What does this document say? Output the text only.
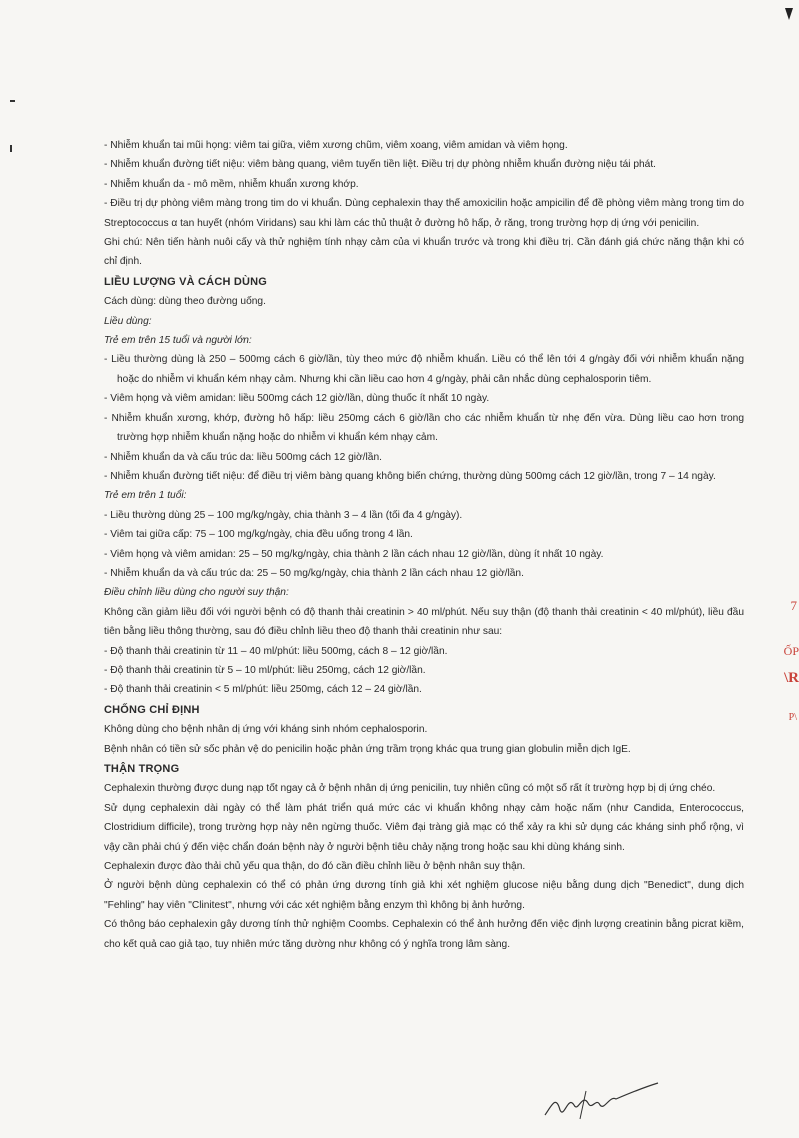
7
ỐP
\R
P\

- Nhiễm khuẩn tai mũi họng: viêm tai giữa, viêm xương chũm, viêm xoang, viêm amidan và viêm họng.

- Nhiễm khuẩn đường tiết niệu: viêm bàng quang, viêm tuyến tiền liệt. Điều trị dự phòng nhiễm khuẩn đường niệu tái phát.

- Nhiễm khuẩn da - mô mềm, nhiễm khuẩn xương khớp.

- Điều trị dự phòng viêm màng trong tim do vi khuẩn. Dùng cephalexin thay thế amoxicilin hoặc ampicilin để đề phòng viêm màng trong tim do Streptococcus α tan huyết (nhóm Viridans) sau khi làm các thủ thuật ở đường hô hấp, ở răng, trong trường hợp dị ứng với penicilin.

Ghi chú: Nên tiến hành nuôi cấy và thử nghiệm tính nhạy cảm của vi khuẩn trước và trong khi điều trị. Cần đánh giá chức năng thận khi có chỉ định.

LIỀU LƯỢNG VÀ CÁCH DÙNG

Cách dùng: dùng theo đường uống.

Liều dùng:

Trẻ em trên 15 tuổi và người lớn:

- Liều thường dùng là 250 – 500mg cách 6 giờ/lần, tùy theo mức độ nhiễm khuẩn. Liều có thể lên tới 4 g/ngày đối với nhiễm khuẩn nặng hoặc do nhiễm vi khuẩn kém nhạy cảm. Nhưng khi cần liều cao hơn 4 g/ngày, phải cân nhắc dùng cephalosporin tiêm.

- Viêm họng và viêm amidan: liều 500mg cách 12 giờ/lần, dùng thuốc ít nhất 10 ngày.

- Nhiễm khuẩn xương, khớp, đường hô hấp: liều 250mg cách 6 giờ/lần cho các nhiễm khuẩn từ nhẹ đến vừa. Dùng liều cao hơn trong trường hợp nhiễm khuẩn nặng hoặc do nhiễm vi khuẩn kém nhạy cảm.

- Nhiễm khuẩn da và cấu trúc da: liều 500mg cách 12 giờ/lần.

- Nhiễm khuẩn đường tiết niệu: để điều trị viêm bàng quang không biến chứng, thường dùng 500mg cách 12 giờ/lần, trong 7 – 14 ngày.

Trẻ em trên 1 tuổi:

- Liều thường dùng 25 – 100 mg/kg/ngày, chia thành 3 – 4 lần (tối đa 4 g/ngày).

- Viêm tai giữa cấp: 75 – 100 mg/kg/ngày, chia đều uống trong 4 lần.

- Viêm họng và viêm amidan: 25 – 50 mg/kg/ngày, chia thành 2 lần cách nhau 12 giờ/lần, dùng ít nhất 10 ngày.

- Nhiễm khuẩn da và cấu trúc da: 25 – 50 mg/kg/ngày, chia thành 2 lần cách nhau 12 giờ/lần.

Điều chỉnh liều dùng cho người suy thận:

Không cần giảm liều đối với người bệnh có độ thanh thải creatinin > 40 ml/phút. Nếu suy thận (độ thanh thải creatinin < 40 ml/phút), liều đầu tiên bằng liều thông thường, sau đó điều chỉnh liều theo độ thanh thải creatinin như sau:

- Độ thanh thải creatinin từ 11 – 40 ml/phút: liều 500mg, cách 8 – 12 giờ/lần.

- Độ thanh thải creatinin từ 5 – 10 ml/phút: liều 250mg, cách 12 giờ/lần.

- Độ thanh thải creatinin < 5 ml/phút: liều 250mg, cách 12 – 24 giờ/lần.

CHỐNG CHỈ ĐỊNH

Không dùng cho bệnh nhân dị ứng với kháng sinh nhóm cephalosporin.

Bệnh nhân có tiền sử sốc phản vệ do penicilin hoặc phản ứng trầm trọng khác qua trung gian globulin miễn dịch IgE.

THẬN TRỌNG

Cephalexin thường được dung nạp tốt ngay cả ở bệnh nhân dị ứng penicilin, tuy nhiên cũng có một số rất ít trường hợp bị dị ứng chéo.

Sử dụng cephalexin dài ngày có thể làm phát triển quá mức các vi khuẩn không nhạy cảm hoặc nấm (như Candida, Enterococcus, Clostridium difficile), trong trường hợp này nên ngừng thuốc. Viêm đại tràng giả mạc có thể xảy ra khi sử dụng các kháng sinh phổ rộng, vì vậy cần phải chú ý đến việc chẩn đoán bệnh này ở người bệnh tiêu chảy nặng trong hoặc sau khi dùng kháng sinh.

Cephalexin được đào thải chủ yếu qua thận, do đó cần điều chỉnh liều ở bệnh nhân suy thận.

Ở người bệnh dùng cephalexin có thể có phản ứng dương tính giả khi xét nghiệm glucose niệu bằng dung dịch "Benedict", dung dịch "Fehling" hay viên "Clinitest", nhưng với các xét nghiệm bằng enzym thì không bị ảnh hưởng.

Có thông báo cephalexin gây dương tính thử nghiệm Coombs. Cephalexin có thể ảnh hưởng đến việc định lượng creatinin bằng picrat kiềm, cho kết quả cao giả tạo, tuy nhiên mức tăng dường như không có ý nghĩa trong lâm sàng.
